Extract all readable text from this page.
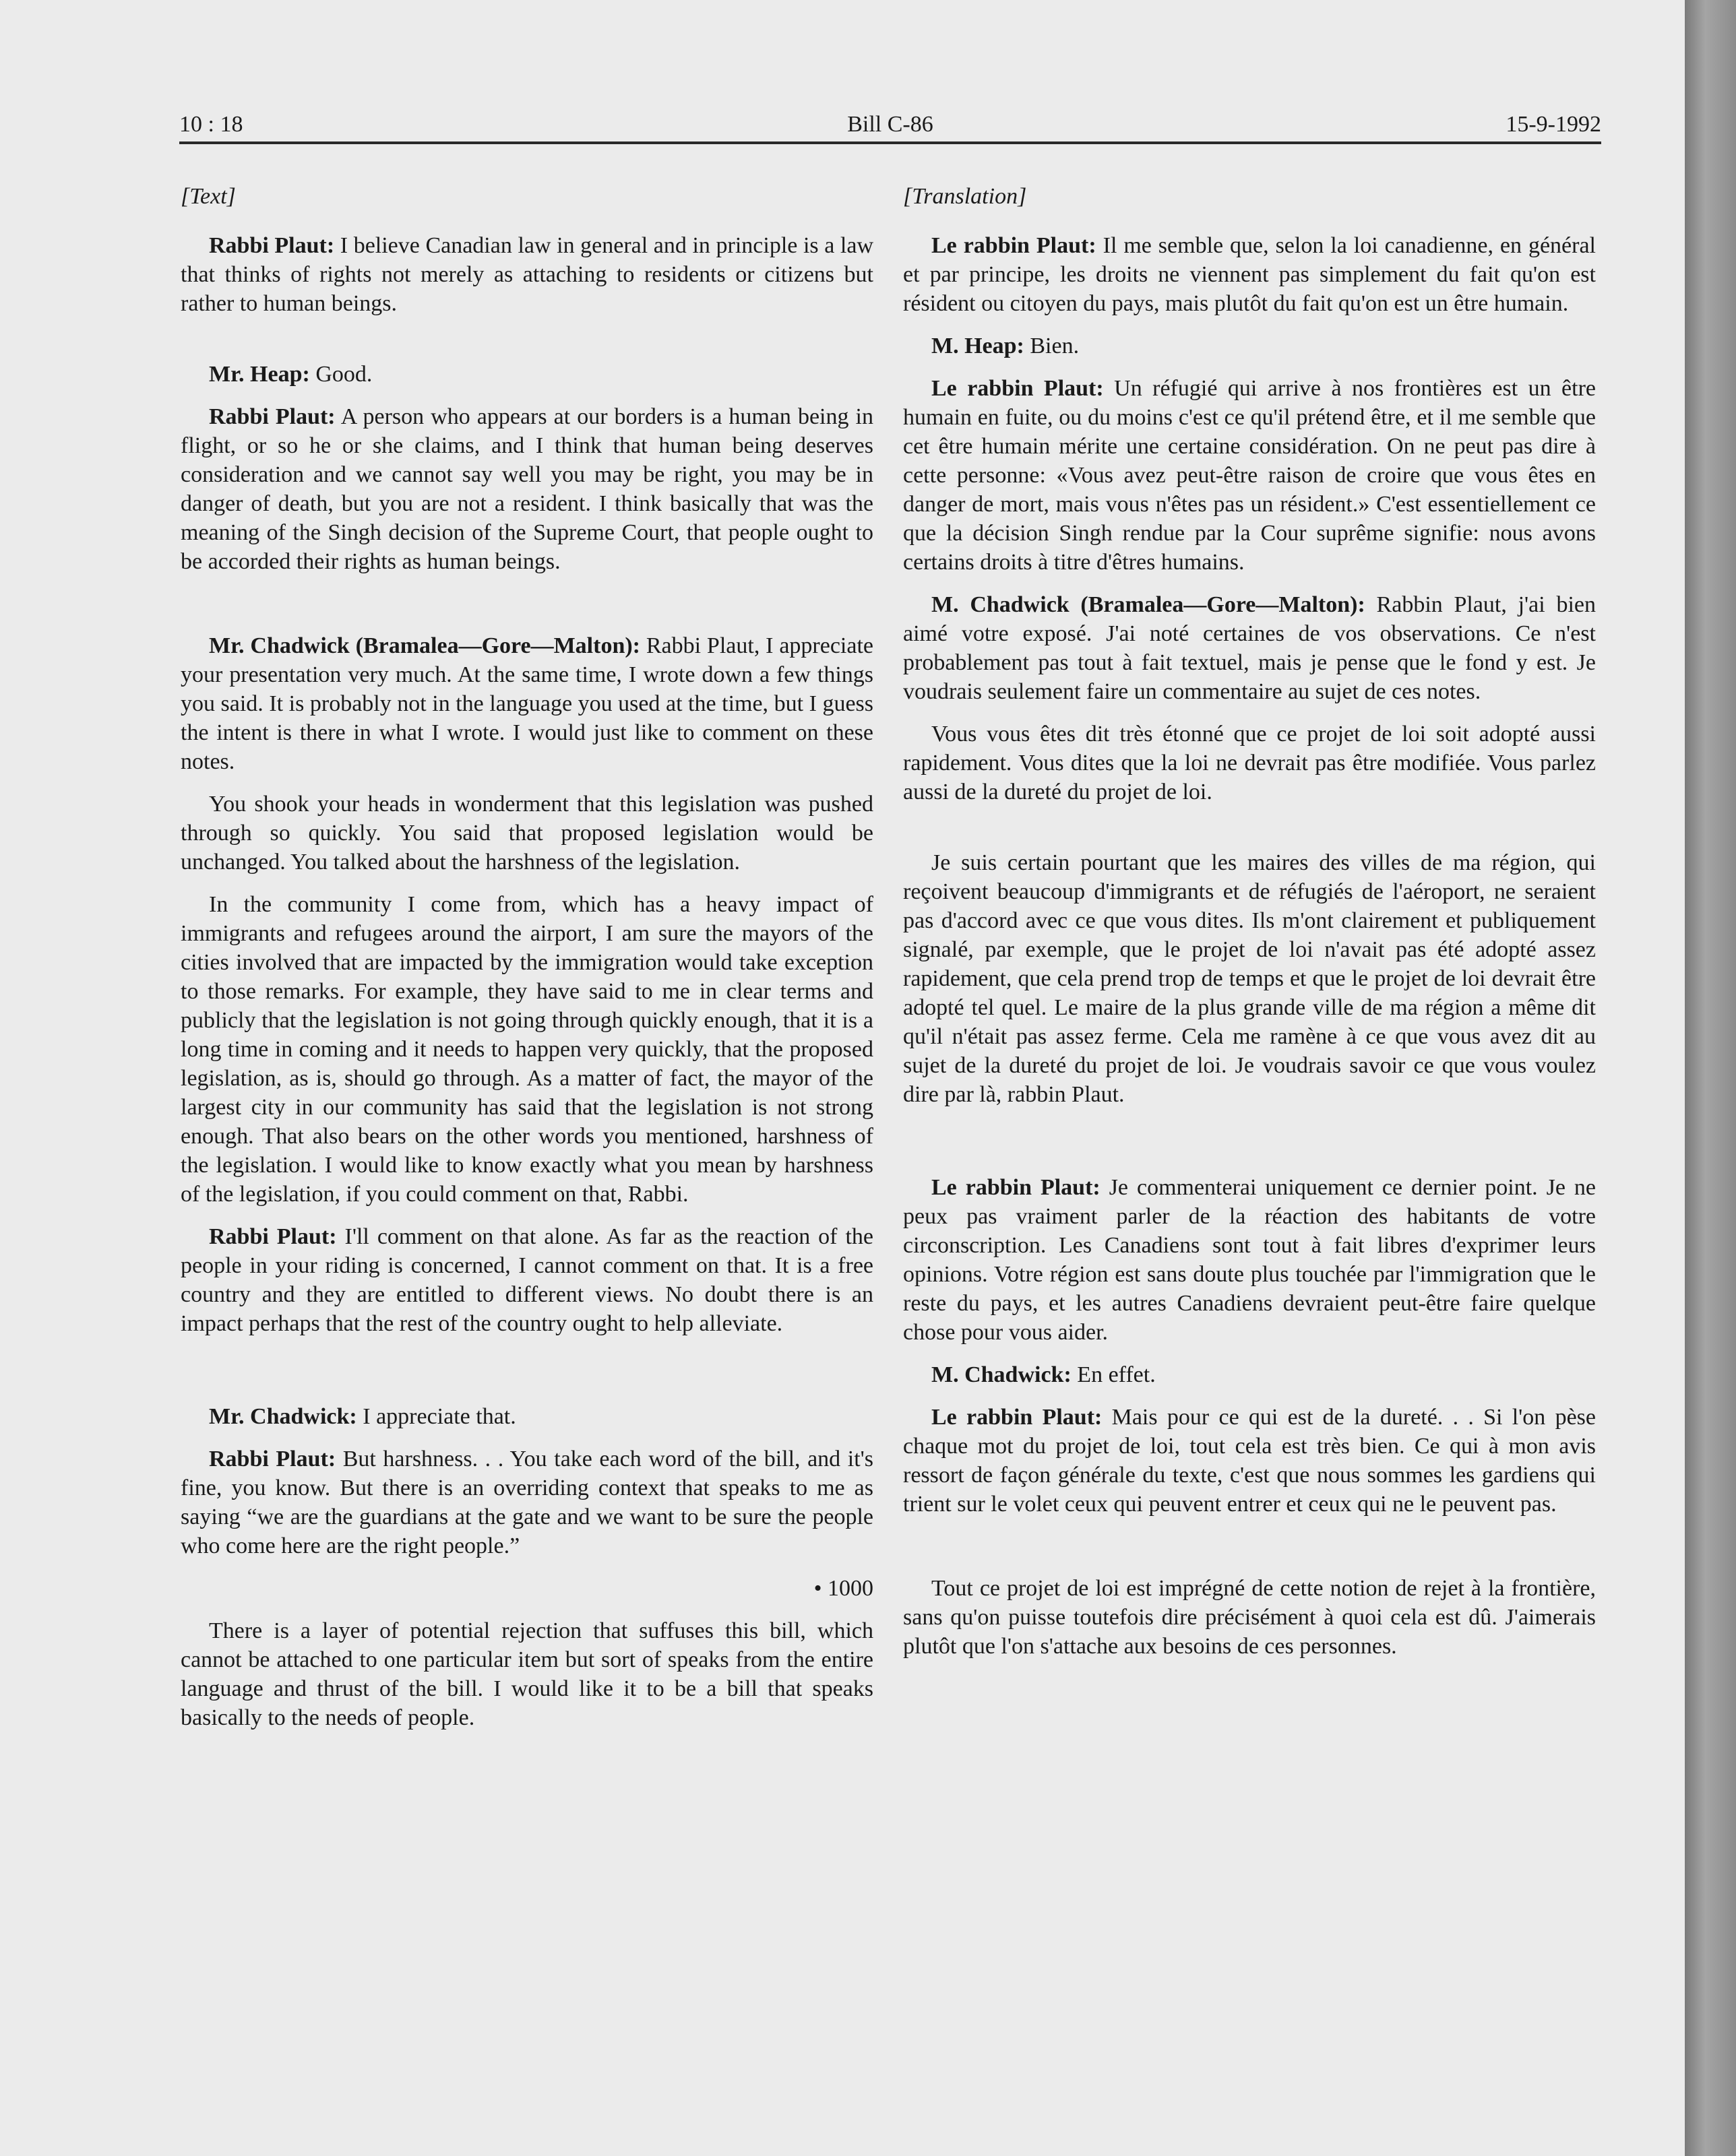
10 : 18	Bill C-86	15-9-1992

[Text]

Rabbi Plaut: I believe Canadian law in general and in principle is a law that thinks of rights not merely as attaching to residents or citizens but rather to human beings.

Mr. Heap: Good.

Rabbi Plaut: A person who appears at our borders is a human being in flight, or so he or she claims, and I think that human being deserves consideration and we cannot say well you may be right, you may be in danger of death, but you are not a resident. I think basically that was the meaning of the Singh decision of the Supreme Court, that people ought to be accorded their rights as human beings.

Mr. Chadwick (Bramalea—Gore—Malton): Rabbi Plaut, I appreciate your presentation very much. At the same time, I wrote down a few things you said. It is probably not in the language you used at the time, but I guess the intent is there in what I wrote. I would just like to comment on these notes.

You shook your heads in wonderment that this legislation was pushed through so quickly. You said that proposed legislation would be unchanged. You talked about the harshness of the legislation.

In the community I come from, which has a heavy impact of immigrants and refugees around the airport, I am sure the mayors of the cities involved that are impacted by the immigration would take exception to those remarks. For example, they have said to me in clear terms and publicly that the legislation is not going through quickly enough, that it is a long time in coming and it needs to happen very quickly, that the proposed legislation, as is, should go through. As a matter of fact, the mayor of the largest city in our community has said that the legislation is not strong enough. That also bears on the other words you mentioned, harshness of the legislation. I would like to know exactly what you mean by harshness of the legislation, if you could comment on that, Rabbi.

Rabbi Plaut: I'll comment on that alone. As far as the reaction of the people in your riding is concerned, I cannot comment on that. It is a free country and they are entitled to different views. No doubt there is an impact perhaps that the rest of the country ought to help alleviate.

Mr. Chadwick: I appreciate that.

Rabbi Plaut: But harshness. . . You take each word of the bill, and it's fine, you know. But there is an overriding context that speaks to me as saying “we are the guardians at the gate and we want to be sure the people who come here are the right people.”

• 1000

There is a layer of potential rejection that suffuses this bill, which cannot be attached to one particular item but sort of speaks from the entire language and thrust of the bill. I would like it to be a bill that speaks basically to the needs of people.

[Translation]

Le rabbin Plaut: Il me semble que, selon la loi canadienne, en général et par principe, les droits ne viennent pas simplement du fait qu'on est résident ou citoyen du pays, mais plutôt du fait qu'on est un être humain.

M. Heap: Bien.

Le rabbin Plaut: Un réfugié qui arrive à nos frontières est un être humain en fuite, ou du moins c'est ce qu'il prétend être, et il me semble que cet être humain mérite une certaine considération. On ne peut pas dire à cette personne: «Vous avez peut-être raison de croire que vous êtes en danger de mort, mais vous n'êtes pas un résident.» C'est essentiellement ce que la décision Singh rendue par la Cour suprême signifie: nous avons certains droits à titre d'êtres humains.

M. Chadwick (Bramalea—Gore—Malton): Rabbin Plaut, j'ai bien aimé votre exposé. J'ai noté certaines de vos observations. Ce n'est probablement pas tout à fait textuel, mais je pense que le fond y est. Je voudrais seulement faire un commentaire au sujet de ces notes.

Vous vous êtes dit très étonné que ce projet de loi soit adopté aussi rapidement. Vous dites que la loi ne devrait pas être modifiée. Vous parlez aussi de la dureté du projet de loi.

Je suis certain pourtant que les maires des villes de ma région, qui reçoivent beaucoup d'immigrants et de réfugiés de l'aéroport, ne seraient pas d'accord avec ce que vous dites. Ils m'ont clairement et publiquement signalé, par exemple, que le projet de loi n'avait pas été adopté assez rapidement, que cela prend trop de temps et que le projet de loi devrait être adopté tel quel. Le maire de la plus grande ville de ma région a même dit qu'il n'était pas assez ferme. Cela me ramène à ce que vous avez dit au sujet de la dureté du projet de loi. Je voudrais savoir ce que vous voulez dire par là, rabbin Plaut.

Le rabbin Plaut: Je commenterai uniquement ce dernier point. Je ne peux pas vraiment parler de la réaction des habitants de votre circonscription. Les Canadiens sont tout à fait libres d'exprimer leurs opinions. Votre région est sans doute plus touchée par l'immigration que le reste du pays, et les autres Canadiens devraient peut-être faire quelque chose pour vous aider.

M. Chadwick: En effet.

Le rabbin Plaut: Mais pour ce qui est de la dureté. . . Si l'on pèse chaque mot du projet de loi, tout cela est très bien. Ce qui à mon avis ressort de façon générale du texte, c'est que nous sommes les gardiens qui trient sur le volet ceux qui peuvent entrer et ceux qui ne le peuvent pas.

Tout ce projet de loi est imprégné de cette notion de rejet à la frontière, sans qu'on puisse toutefois dire précisément à quoi cela est dû. J'aimerais plutôt que l'on s'attache aux besoins de ces personnes.
